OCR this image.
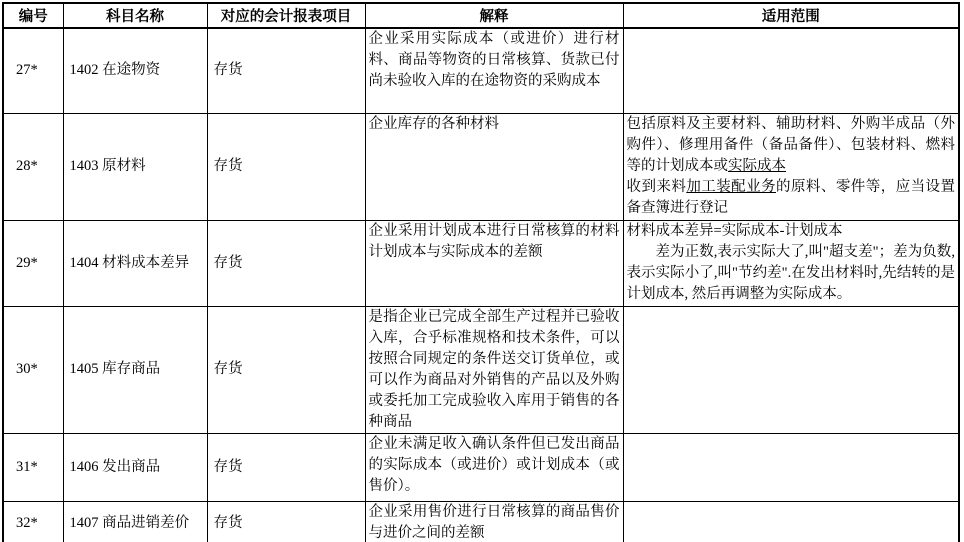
编号	科目名称	对应的会计报表项目	解释	适用范围
27*	1402 在途物资	存货	企业采用实际成本（或进价）进行材料、商品等物资的日常核算、货款已付尚未验收入库的在途物资的采购成本	

28*	1403 原材料	存货	企业库存的各种材料	包括原料及主要材料、辅助材料、外购半成品（外购件）、修理用备件（备品备件）、包装材料、燃料等的计划成本或实际成本
收到来料加工装配业务的原料、零件等，应当设置备查簿进行登记

29*	1404 材料成本差异	存货	企业采用计划成本进行日常核算的材料计划成本与实际成本的差额	材料成本差异=实际成本-计划成本
差为正数,表示实际大了,叫"超支差"；差为负数,表示实际小了,叫"节约差".在发出材料时,先结转的是计划成本, 然后再调整为实际成本。

30*	1405 库存商品	存货	是指企业已完成全部生产过程并已验收入库，合乎标准规格和技术条件，可以按照合同规定的条件送交订货单位，或可以作为商品对外销售的产品以及外购或委托加工完成验收入库用于销售的各种商品	

31*	1406 发出商品	存货	企业未满足收入确认条件但已发出商品的实际成本（或进价）或计划成本（或售价）。	

32*	1407 商品进销差价	存货	企业采用售价进行日常核算的商品售价与进价之间的差额	
